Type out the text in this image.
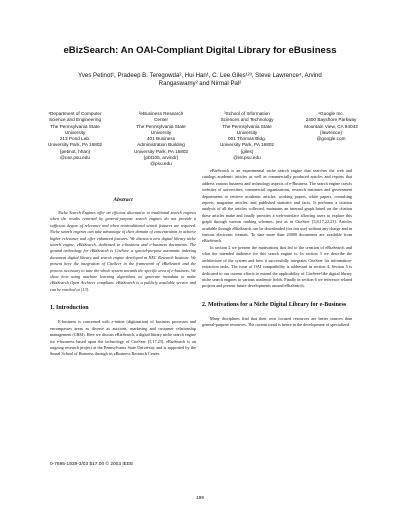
eBizSearch: An OAI-Compliant Digital Library for eBusiness
Yves Petinot¹, Pradeep B. Teregowda², Hui Han¹, C. Lee Giles¹²³, Steve Lawrence⁴, Arvind
Rangaswamy² and Nirmal Pal²
¹Department of Computer
Science and Engineering
The Pennsylvania State
University
213 Pond Lab.
University Park, PA 16802
{petinot, hhan}
@cse.psu.edu
²eBusiness Research
Center
The Pennsylvania State
University
401 Business
Administration Building
University Park, PA 16802
{pbt105, arvindr}
@psu.edu
³School of Information
Sciences and Technology
The Pennsylvania State
University
001 Thomas Bldg.
University Park, PA 16802
{giles}
@ist.psu.edu
⁴Google Inc.
2400 Bayshore Parkway
Mountain View, CA 94043
{lawrence}
@google.com
Abstract

Niche Search Engines offer an efficient alternative to traditional search engines when the results returned by general-purpose search engines do not provide a sufficient degree of relevance and when nontraditional search features are required. Niche search engines can take advantage of their domain of concentration to achieve higher relevance and offer enhanced features. We discuss a new digital library niche search engine, eBizSearch, dedicated to e-business and e-business documents. The ground technology for eBizSearch is CiteSeer, a special-purpose automatic indexing document digital library and search engine developed at NEC Research Institute. We present here the integration of CiteSeer in the framework of eBizSearch and the process necessary to tune the whole system towards the specific area of e-business. We show how using machine learning algorithms we generate metadata to make eBizSearch Open Archives compliant. eBizSearch is a publicly available service and can be reached at [13].

1. Introduction

E-business is concerned with e-ration (digitization) of business processes and encompasses areas as diverse as auctions, marketing and customer relationship management (CRM). Here we discuss eBizSearch, a digital library niche search engine for e-business based upon the technology of CiteSeer [5,17,23]. eBizSearch is an ongoing research project at the Pennsylvania State University and is supported by the Smeal School of Business through its eBusiness Research Center.

eBizSearch is an experimental niche search engine that searches the web and catalogs academic articles as well as commercially produced articles and reports that address various business and technology aspects of e-Business. The search engine crawls websites of universities, commercial organizations, research institutes and government departments to retrieve academic articles, working papers, white papers, consulting reports, magazine articles, and published statistics and facts. It performs a citation analysis of all the articles collected, maintains an internal graph based on the citation these articles make and finally provides a web-interface allowing users to explore this graph through various ranking schemes, just as in CiteSeer [5,8,17,22,23]. Articles available through eBizSearch can be downloaded (for fair use) without any charge and in various electronic formats. To date more than 20000 documents are available from eBizSearch.

In section 2 we present the motivations that led to the creation of eBizSearch and what the intended audience for this search engine is. In section 3 we describe the architecture of the system and how it successfully integrates CiteSeer for information-extraction tasks. The issue of OAI compatibility is addressed in section 4. Section 5 is dedicated to our current efforts to extend the applicability of CiteSeer-like digital library niche search engines to various academic fields. Finally in section 6 we reference related projects and present future developments around eBizSearch.

2. Motivations for a Niche Digital Library for e-Business

Many disciplines find that their own focused resources are better sources than general-purpose resources. The current trend is hence in the development of specialized

0-7695-1939-3/03 $17.00 © 2003 IEEE
199
